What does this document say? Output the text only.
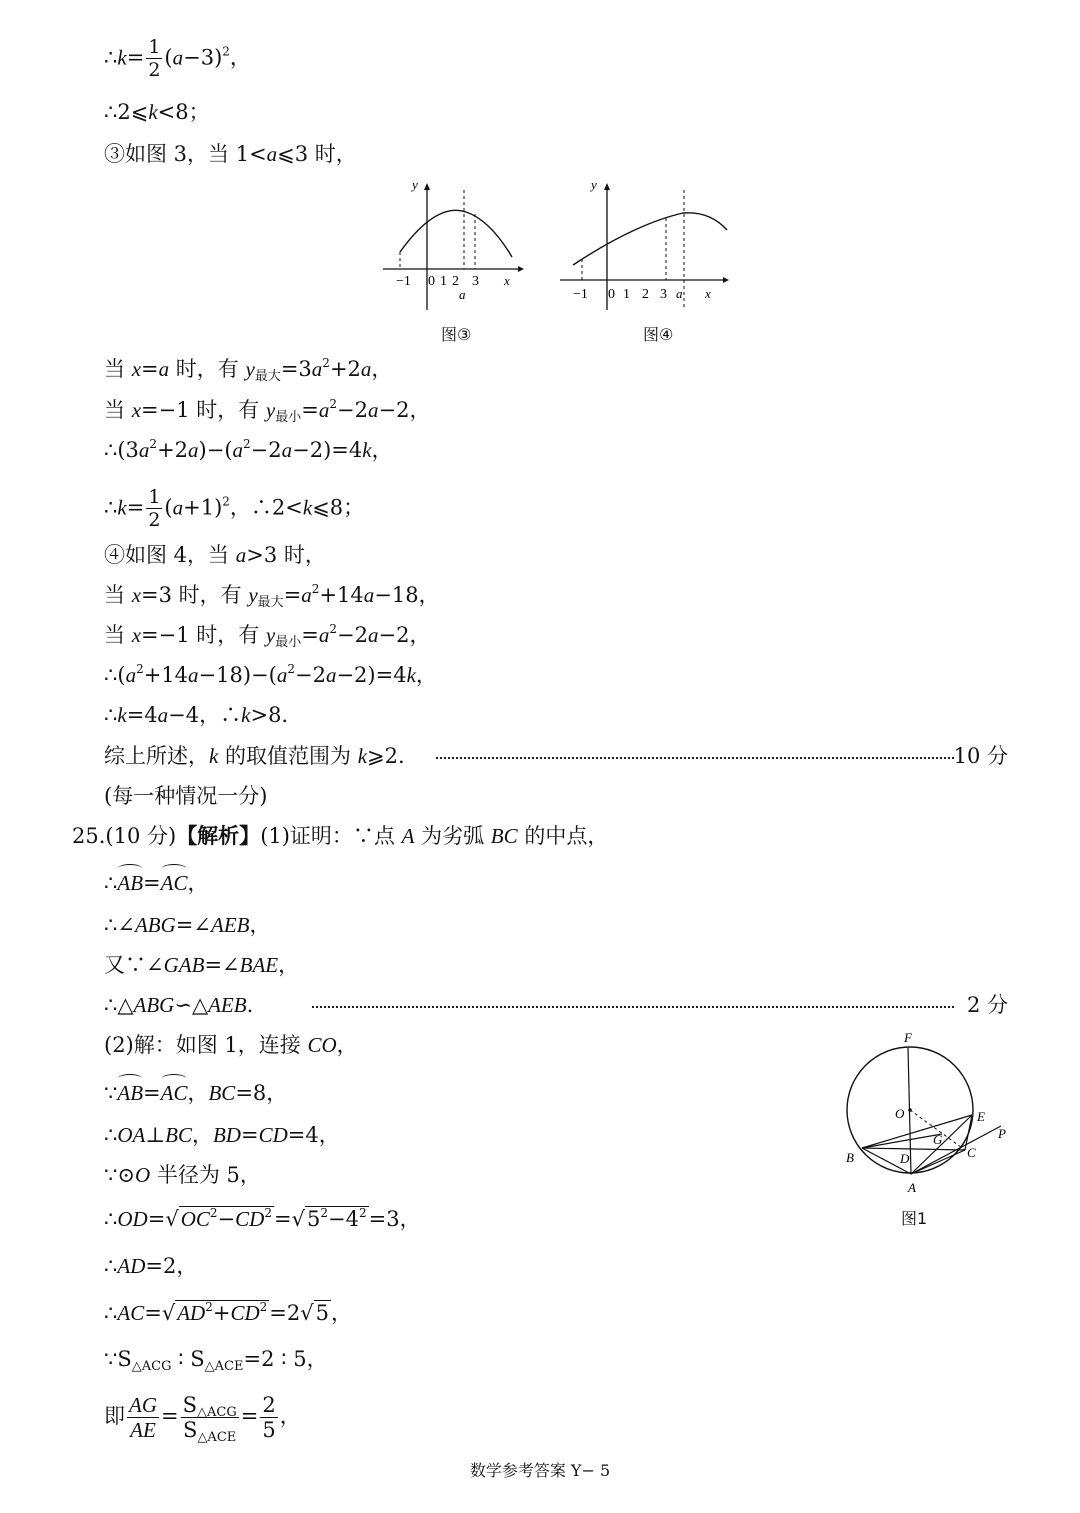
∴k= $\frac{1}{2} (a-3)^2$，
∴2⩽k<8；
③如图 3，当 1<a⩽3 时，
y
x
−1 0 1 2 3
a
图③
y
x
−1 0 1 2 3 a
图④
当 x=a 时，有 $y_{最大}=3a^2+2a$，
当 x=−1 时，有 $y_{最小}=a^2-2a-2$，
$\therefore(3a^2+2a)-(a^2-2a-2)=4k$，
∴k= $\frac{1}{2} (a+1)^2$，∴2<k⩽8；
④如图 4，当 a>3 时，
当 x=3 时，有 $y_{最大}=a^2+14a-18$，
当 x=−1 时，有 $y_{最小}=a^2-2a-2$，
$\therefore(a^2+14a-18)-(a^2-2a-2)=4k$，
∴k=4a−4，∴k>8.
综上所述，k 的取值范围为 k⩾2.	10 分
(每一种情况一分)
25.(10 分)【解析】(1)证明：∵点 A 为劣弧 BC 的中点，
∴AB=AC，
∴∠ABG=∠AEB，
又∵∠GAB=∠BAE，
∴△ABG∽△AEB.	2 分
(2)解：如图 1，连接 CO，
∵AB=AC，BC=8，
∴OA⊥BC，BD=CD=4，
∵⊙O 半径为 5，
$\therefore OD=√OC^2-CD^2=√5^2-4^2=3$，
∴AD=2，
$\therefore AC=√AD^2+CD^2=2√5$，
$\because S_{\triangle ACG}$ ∶ $S_{\triangle ACE}=2$ ∶ 5，
即 $\frac{AG}{AE} = \frac{S_{\triangle ACG}}{S_{\triangle ACE}} = \frac{2}{5}$ ，
F
O	E
P
G
B	D	C
A
图1
数学参考答案 Y− 5
